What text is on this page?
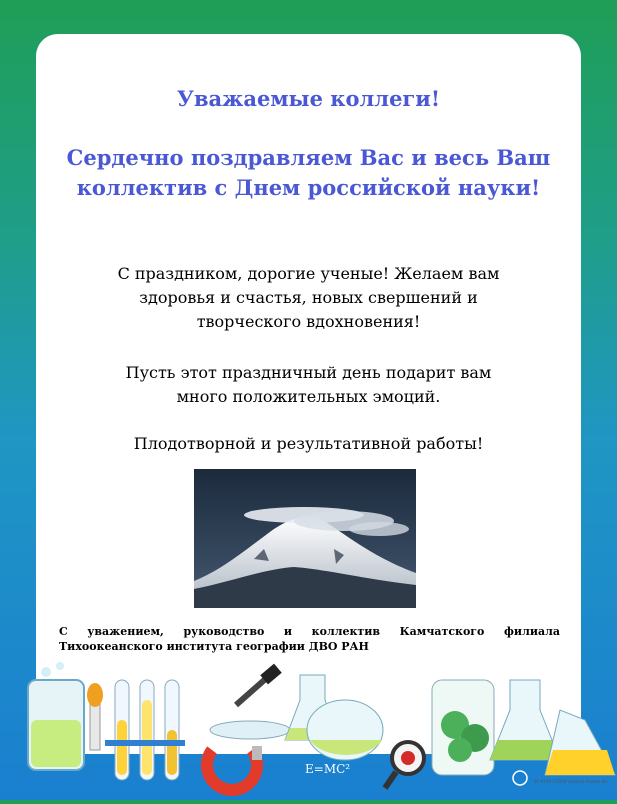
Уважаемые коллеги!
Сердечно поздравляем Вас и весь Ваш
коллектив с Днем российской науки!
С праздником, дорогие ученые! Желаем вам
здоровья и счастья, новых свершений и
творческого вдохновения!
Пусть этот праздничный день подарит вам
много положительных эмоций.
Плодотворной и результативной работы!
С уважением, руководство и коллектив Камчатского филиала Тихоокеанского института географии ДВО РАН
E=MC²
SC-9109 ©2008 Creative Shapes Etc.
